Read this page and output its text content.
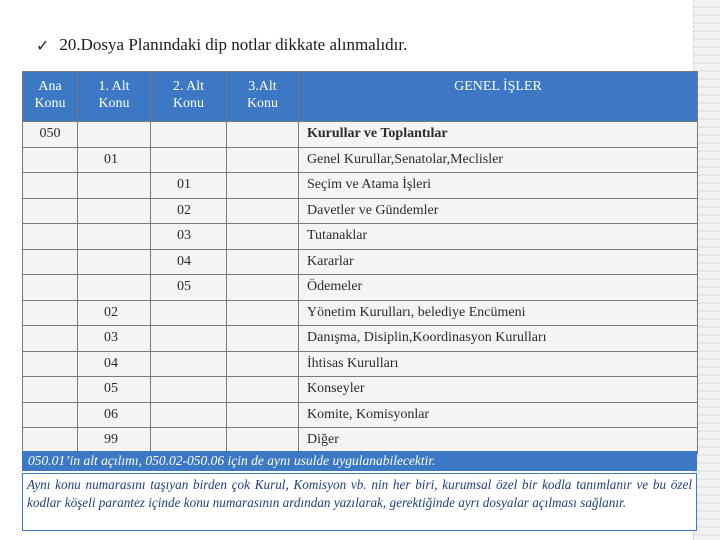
✓ 20.Dosya Planındaki dip notlar dikkate alınmalıdır.
Ana Konu	1. Alt Konu	2. Alt Konu	3.Alt Konu	GENEL İŞLER
050				Kurullar ve Toplantılar
	01			Genel Kurullar,Senatolar,Meclisler
		01		Seçim ve Atama İşleri
		02		Davetler ve Gündemler
		03		Tutanaklar
		04		Kararlar
		05		Ödemeler
	02			Yönetim Kurulları, belediye Encümeni
	03			Danışma, Disiplin,Koordinasyon Kurulları
	04			İhtisas Kurulları
	05			Konseyler
	06			Komite, Komisyonlar
	99			Diğer
050.01’in alt açılımı, 050.02-050.06 için de aynı usulde uygulanabilecektir.
Aynı konu numarasını taşıyan birden çok Kurul, Komisyon vb. nin her biri, kurumsal özel bir kodla tanımlanır ve bu özel kodlar köşeli parantez içinde konu numarasının ardından yazılarak, gerektiğinde ayrı dosyalar açılması sağlanır.
